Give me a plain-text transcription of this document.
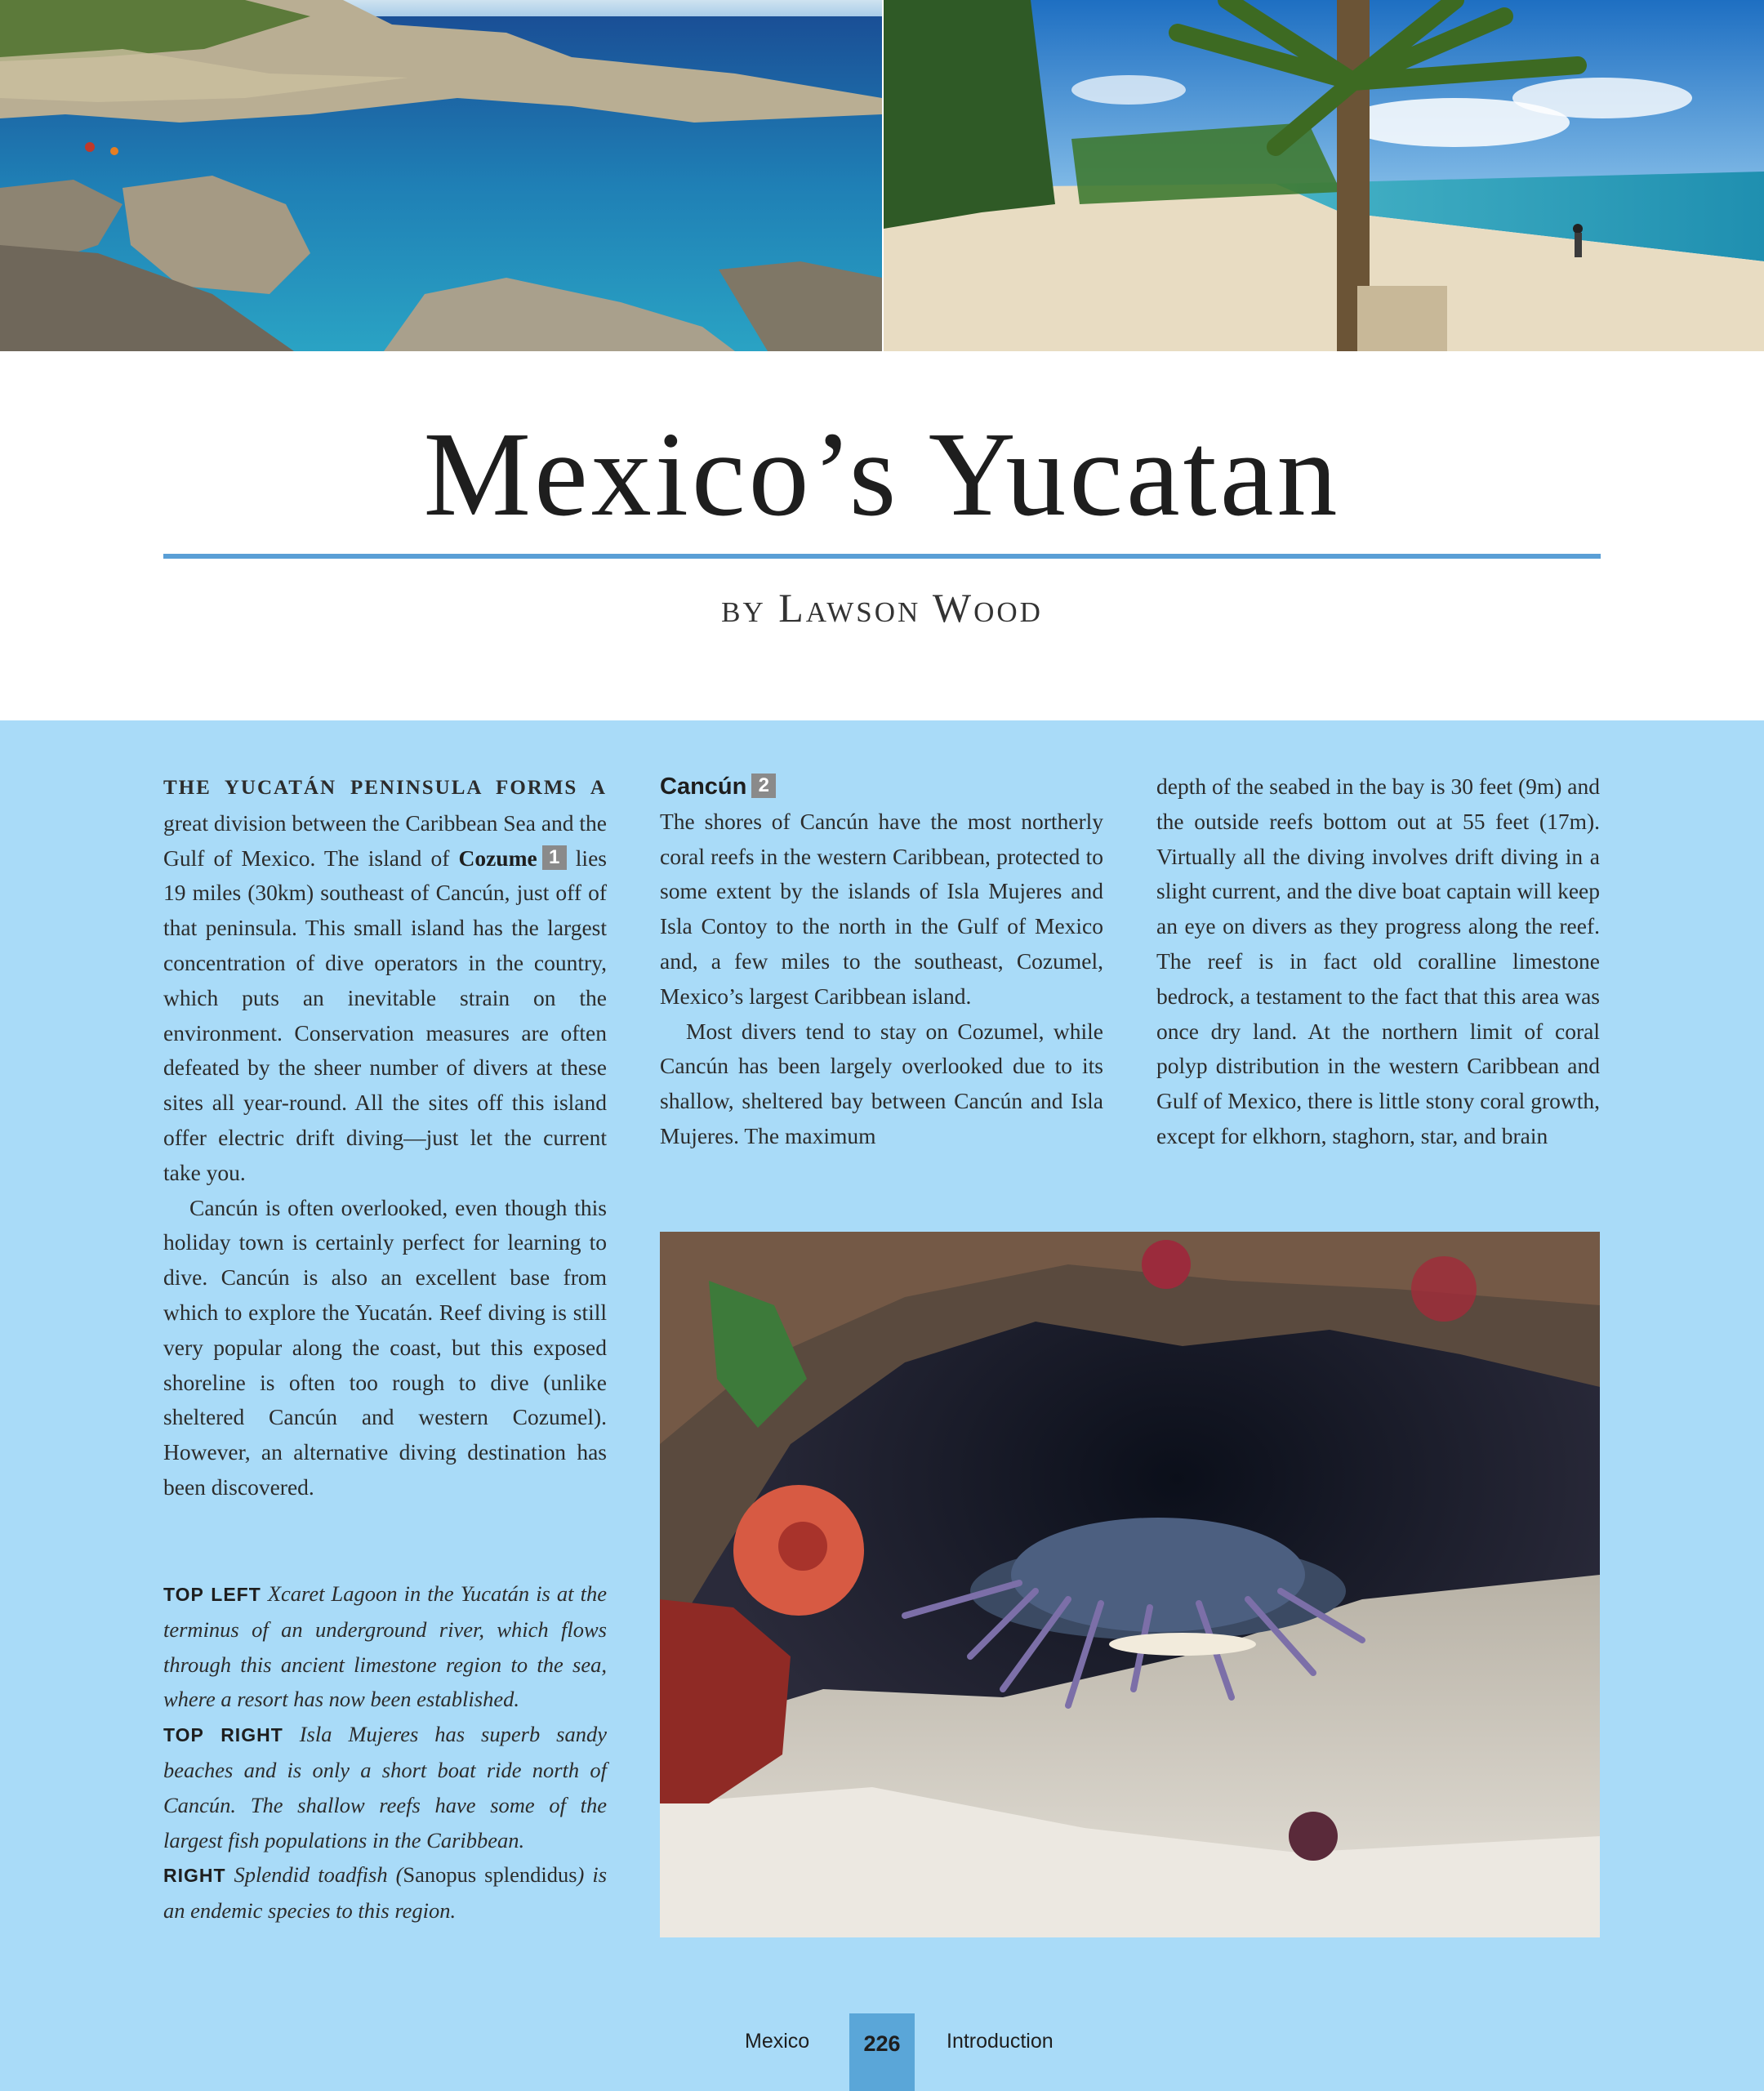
Mexico’s Yucatan
by Lawson Wood

THE YUCATÁN PENINSULA FORMS A great division between the Caribbean Sea and the Gulf of Mexico. The island of Cozume 1 lies 19 miles (30km) southeast of Cancún, just off of that peninsula. This small island has the largest concentration of dive operators in the country, which puts an inevitable strain on the environment. Conservation measures are often defeated by the sheer number of divers at these sites all year-round. All the sites off this island offer electric drift diving—just let the current take you.

Cancún is often overlooked, even though this holiday town is certainly perfect for learning to dive. Cancún is also an excellent base from which to explore the Yucatán. Reef diving is still very popular along the coast, but this exposed shoreline is often too rough to dive (unlike sheltered Cancún and western Cozumel). However, an alternative diving destination has been discovered.

Cancún 2

The shores of Cancún have the most northerly coral reefs in the western Caribbean, protected to some extent by the islands of Isla Mujeres and Isla Contoy to the north in the Gulf of Mexico and, a few miles to the southeast, Cozumel, Mexico’s largest Caribbean island.

Most divers tend to stay on Cozumel, while Cancún has been largely overlooked due to its shallow, sheltered bay between Cancún and Isla Mujeres. The maximum

depth of the seabed in the bay is 30 feet (9m) and the outside reefs bottom out at 55 feet (17m). Virtually all the diving involves drift diving in a slight current, and the dive boat captain will keep an eye on divers as they progress along the reef. The reef is in fact old coralline limestone bedrock, a testament to the fact that this area was once dry land. At the northern limit of coral polyp distribution in the western Caribbean and Gulf of Mexico, there is little stony coral growth, except for elkhorn, staghorn, star, and brain

TOP LEFT Xcaret Lagoon in the Yucatán is at the terminus of an underground river, which flows through this ancient limestone region to the sea, where a resort has now been established.

TOP RIGHT Isla Mujeres has superb sandy beaches and is only a short boat ride north of Cancún. The shallow reefs have some of the largest fish populations in the Caribbean.

RIGHT Splendid toadfish (Sanopus splendidus) is an endemic species to this region.

Mexico	226	Introduction
